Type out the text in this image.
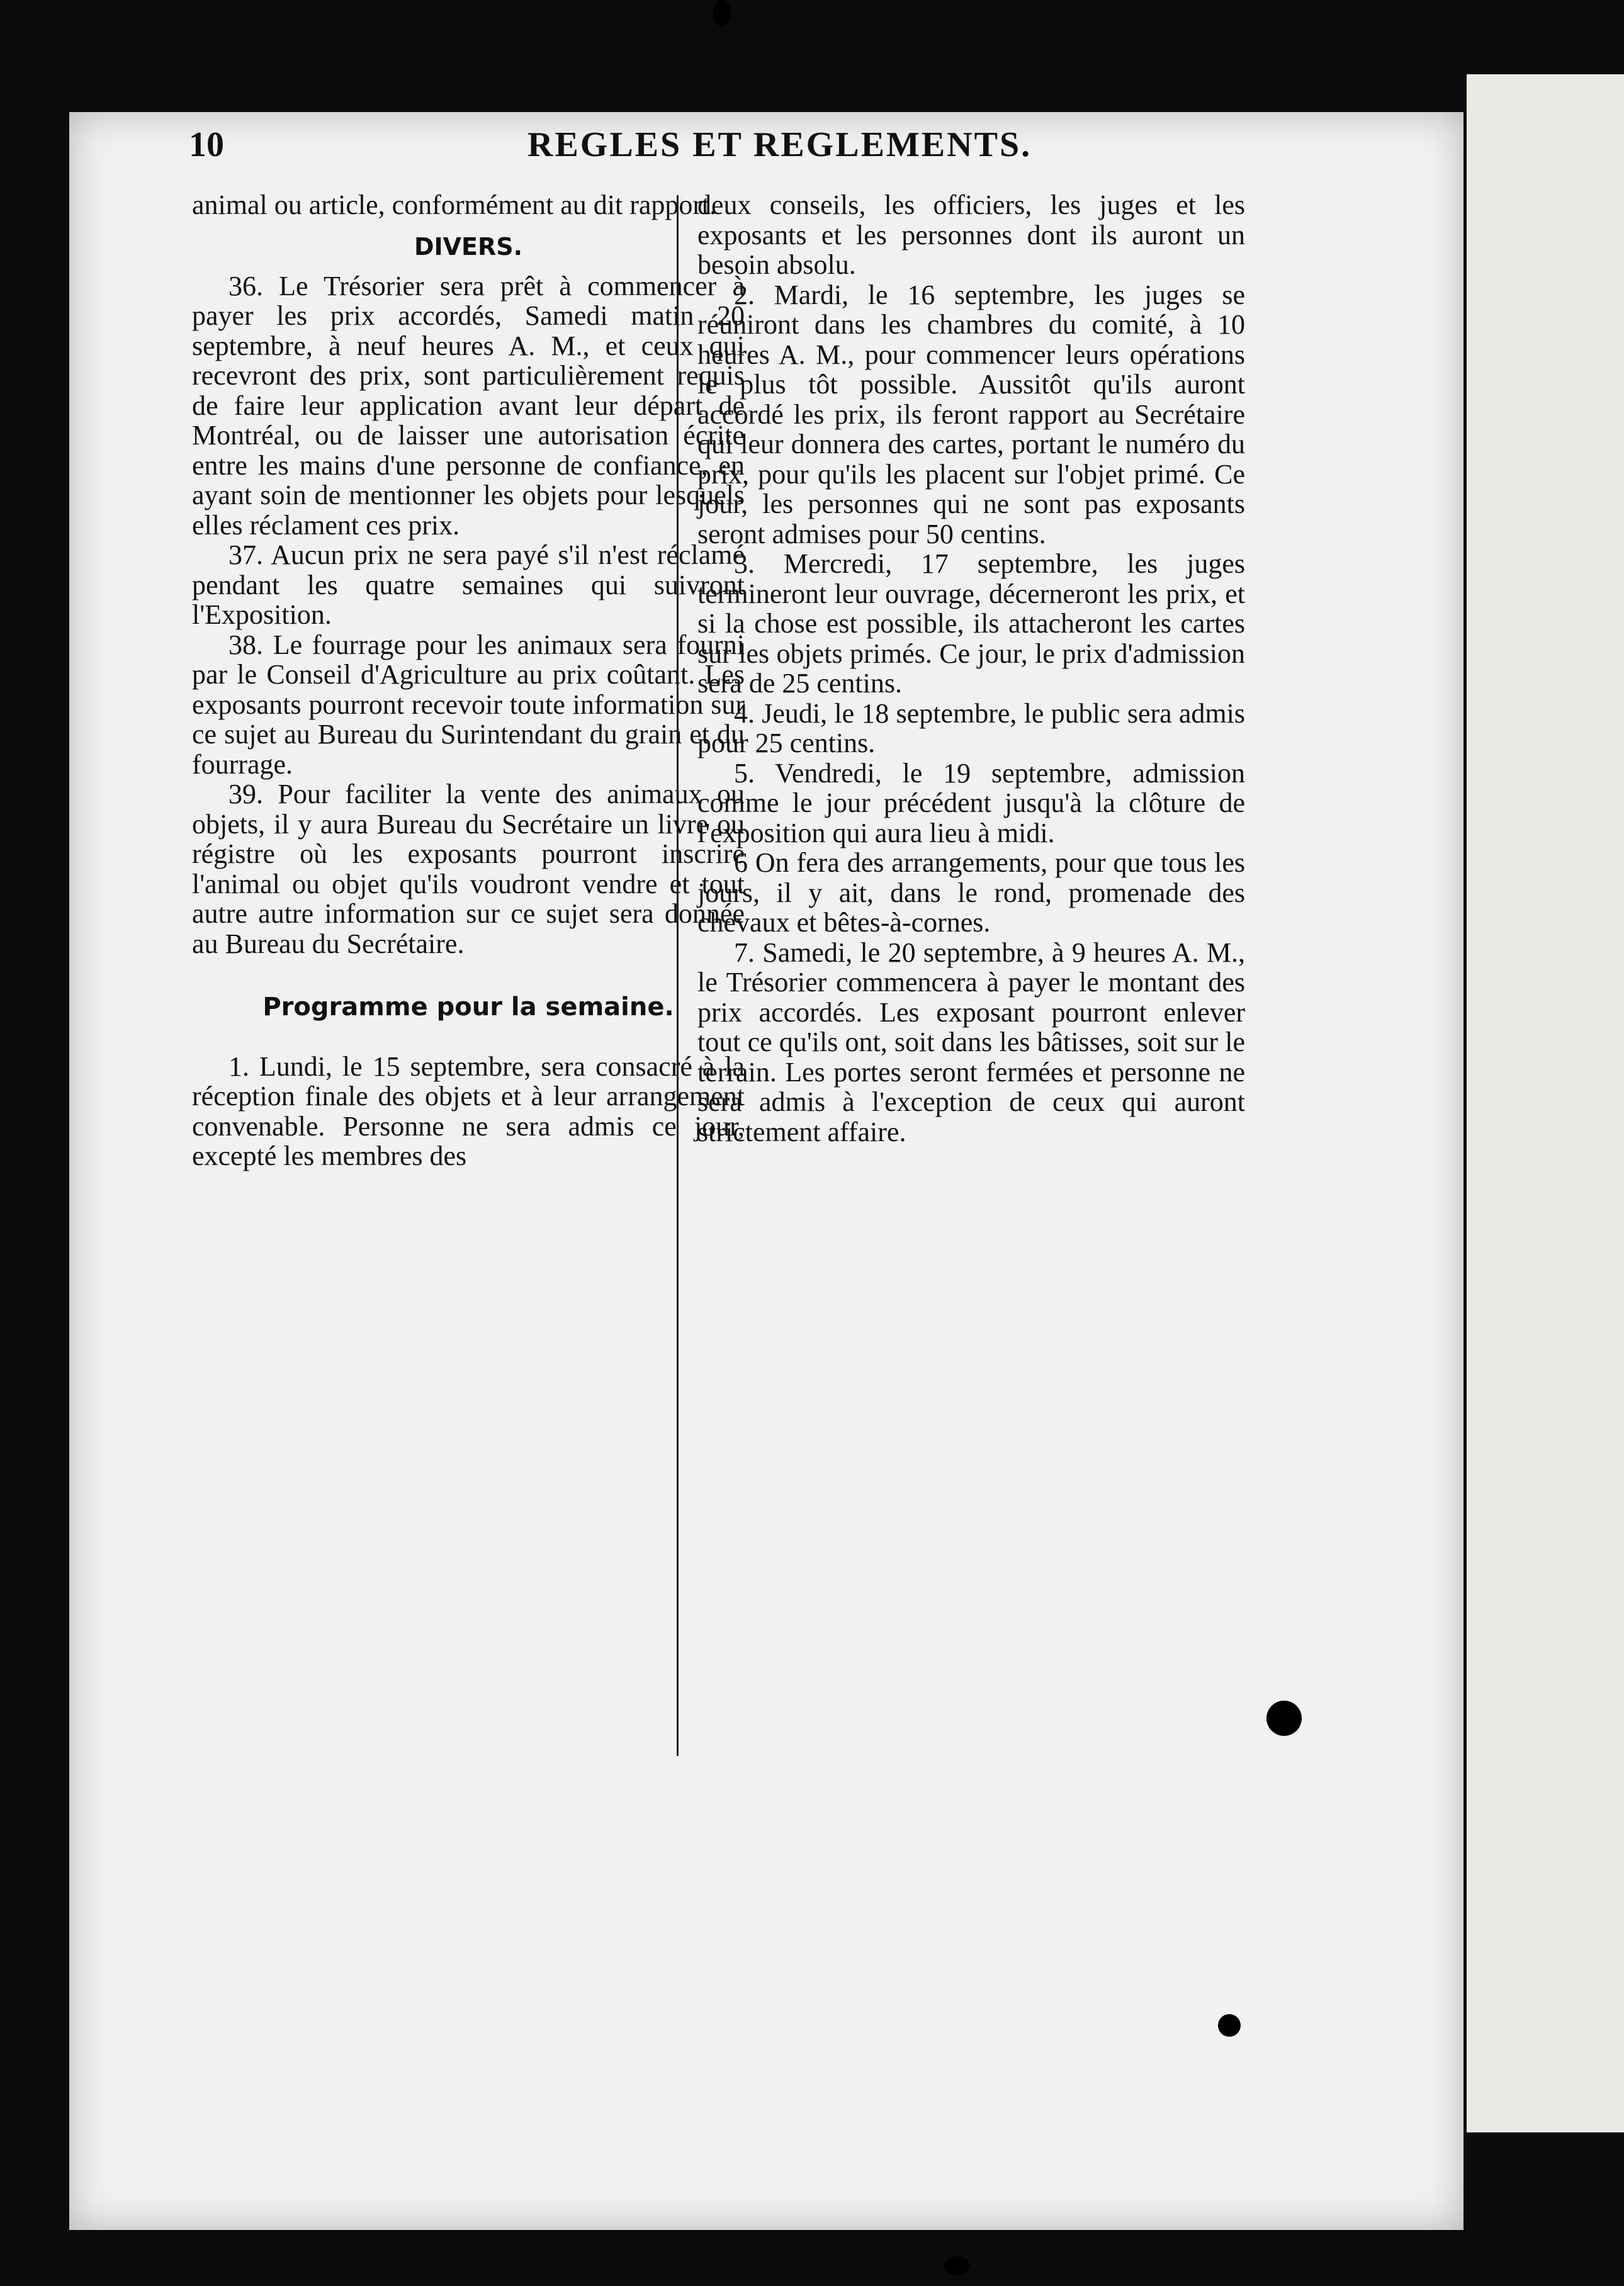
10	REGLES ET REGLEMENTS.

animal ou article, conformément au dit rapport.

DIVERS.

36. Le Trésorier sera prêt à commencer à payer les prix accordés, Samedi matin 20 septembre, à neuf heures A. M., et ceux qui recevront des prix, sont particulièrement requis de faire leur application avant leur départ de Montréal, ou de laisser une autorisation écrite entre les mains d'une personne de confiance, en ayant soin de mentionner les objets pour lesquels elles réclament ces prix.

37. Aucun prix ne sera payé s'il n'est réclamé pendant les quatre semaines qui suivront l'Exposition.

38. Le fourrage pour les animaux sera fourni par le Conseil d'Agriculture au prix coûtant. Les exposants pourront recevoir toute information sur ce sujet au Bureau du Surintendant du grain et du fourrage.

39. Pour faciliter la vente des animaux ou objets, il y aura Bureau du Secrétaire un livre ou régistre où les exposants pourront inscrire l'animal ou objet qu'ils voudront vendre et tout autre autre information sur ce sujet sera donnée au Bureau du Secrétaire.

Programme pour la semaine.

1. Lundi, le 15 septembre, sera consacré à la réception finale des objets et à leur arrangement convenable. Personne ne sera admis ce jour, excepté les membres des

deux conseils, les officiers, les juges et les exposants et les personnes dont ils auront un besoin absolu.

2. Mardi, le 16 septembre, les juges se réuniront dans les chambres du comité, à 10 heures A. M., pour commencer leurs opérations le plus tôt possible. Aussitôt qu'ils auront accordé les prix, ils feront rapport au Secrétaire qui leur donnera des cartes, portant le numéro du prix, pour qu'ils les placent sur l'objet primé. Ce jour, les personnes qui ne sont pas exposants seront admises pour 50 centins.

3. Mercredi, 17 septembre, les juges termineront leur ouvrage, décerneront les prix, et si la chose est possible, ils attacheront les cartes sur les objets primés. Ce jour, le prix d'admission sera de 25 centins.

4. Jeudi, le 18 septembre, le public sera admis pour 25 centins.

5. Vendredi, le 19 septembre, admission comme le jour précédent jusqu'à la clôture de l'exposition qui aura lieu à midi.

6 On fera des arrangements, pour que tous les jours, il y ait, dans le rond, promenade des chevaux et bêtes-à-cornes.

7. Samedi, le 20 septembre, à 9 heures A. M., le Trésorier commencera à payer le montant des prix accordés. Les exposant pourront enlever tout ce qu'ils ont, soit dans les bâtisses, soit sur le terrain. Les portes seront fermées et personne ne sera admis à l'exception de ceux qui auront strictement affaire.
